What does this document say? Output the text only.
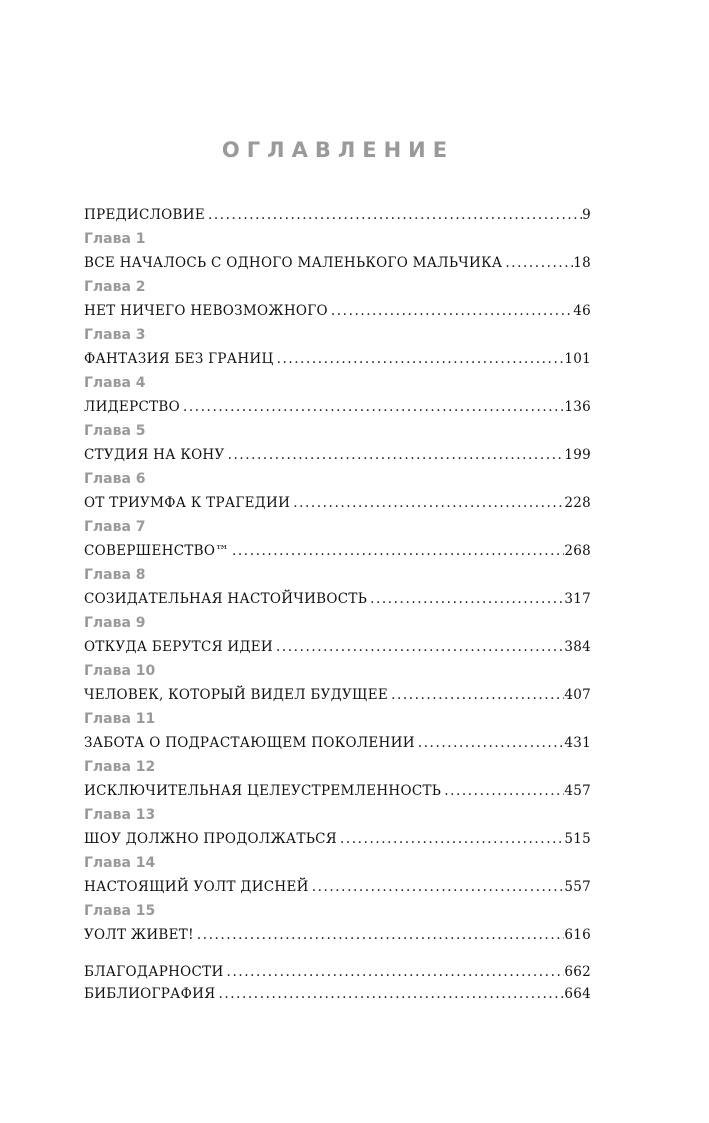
ОГЛАВЛЕНИЕ
ПРЕДИСЛОВИЕ .....	9
Глава 1
ВСЕ НАЧАЛОСЬ С ОДНОГО МАЛЕНЬКОГО МАЛЬЧИКА .....	18
Глава 2
НЕТ НИЧЕГО НЕВОЗМОЖНОГО .....	46
Глава 3
ФАНТАЗИЯ БЕЗ ГРАНИЦ .....	101
Глава 4
ЛИДЕРСТВО .....	136
Глава 5
СТУДИЯ НА КОНУ .....	199
Глава 6
ОТ ТРИУМФА К ТРАГЕДИИ .....	228
Глава 7
СОВЕРШЕНСТВО™ .....	268
Глава 8
СОЗИДАТЕЛЬНАЯ НАСТОЙЧИВОСТЬ .....	317
Глава 9
ОТКУДА БЕРУТСЯ ИДЕИ .....	384
Глава 10
ЧЕЛОВЕК, КОТОРЫЙ ВИДЕЛ БУДУЩЕЕ .....	407
Глава 11
ЗАБОТА О ПОДРАСТАЮЩЕМ ПОКОЛЕНИИ .....	431
Глава 12
ИСКЛЮЧИТЕЛЬНАЯ ЦЕЛЕУСТРЕМЛЕННОСТЬ .....	457
Глава 13
ШОУ ДОЛЖНО ПРОДОЛЖАТЬСЯ .....	515
Глава 14
НАСТОЯЩИЙ УОЛТ ДИСНЕЙ .....	557
Глава 15
УОЛТ ЖИВЕТ! .....	616
БЛАГОДАРНОСТИ .....	662
БИБЛИОГРАФИЯ .....	664
